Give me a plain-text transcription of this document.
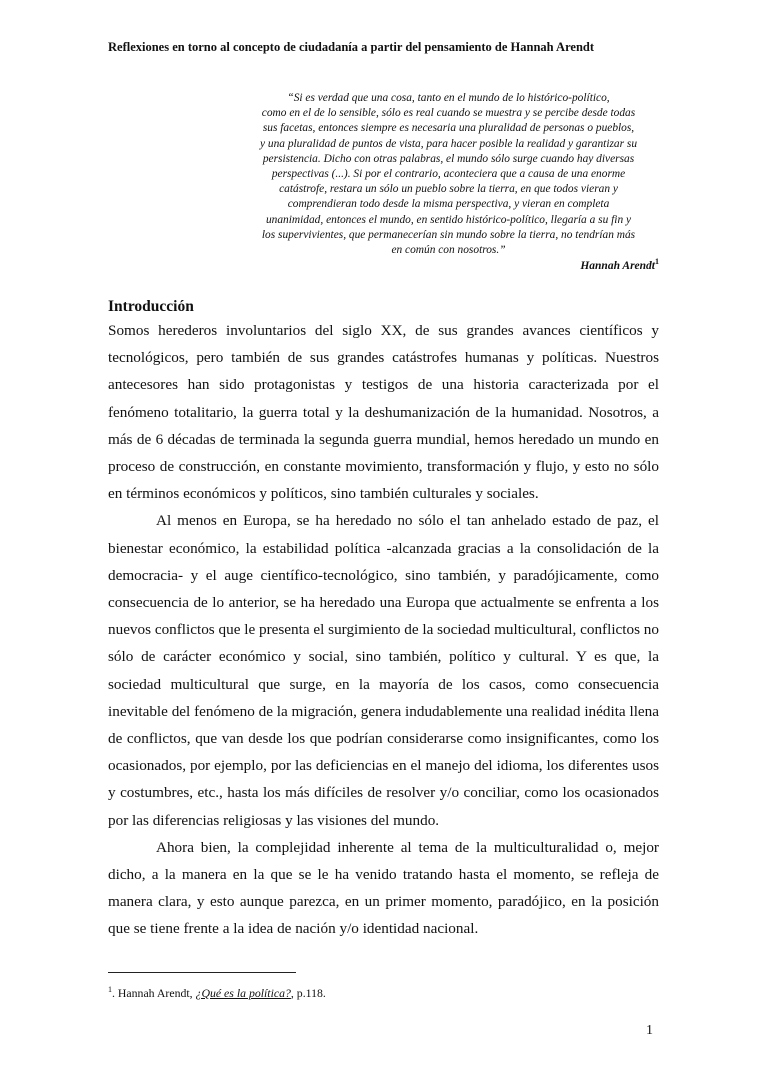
Reflexiones en torno al concepto de ciudadanía a partir del pensamiento de Hannah Arendt
“Si es verdad que una cosa, tanto en el mundo de lo histórico-político,
como en el de lo sensible, sólo es real cuando se muestra y se percibe desde todas
sus facetas, entonces siempre es necesaria una pluralidad de personas o pueblos,
y una pluralidad de puntos de vista, para hacer posible la realidad y garantizar su
persistencia. Dicho con otras palabras, el mundo sólo surge cuando hay diversas
perspectivas (...). Si por el contrario, aconteciera que a causa de una enorme
catástrofe, restara un sólo un pueblo sobre la tierra, en que todos vieran y
comprendieran todo desde la misma perspectiva, y vieran en completa
unanimidad, entonces el mundo, en sentido histórico-político, llegaría a su fin y
los supervivientes, que permanecerían sin mundo sobre la tierra, no tendrían más
en común con nosotros.”
Hannah Arendt$^1$
Introducción

Somos herederos involuntarios del siglo XX, de sus grandes avances científicos y tecnológicos, pero también de sus grandes catástrofes humanas y políticas. Nuestros antecesores han sido protagonistas y testigos de una historia caracterizada por el fenómeno totalitario, la guerra total y la deshumanización de la humanidad. Nosotros, a más de 6 décadas de terminada la segunda guerra mundial, hemos heredado un mundo en proceso de construcción, en constante movimiento, transformación y flujo, y esto no sólo en términos económicos y políticos, sino también culturales y sociales.

Al menos en Europa, se ha heredado no sólo el tan anhelado estado de paz, el bienestar económico, la estabilidad política -alcanzada gracias a la consolidación de la democracia- y el auge científico-tecnológico, sino también, y paradójicamente, como consecuencia de lo anterior, se ha heredado una Europa que actualmente se enfrenta a los nuevos conflictos que le presenta el surgimiento de la sociedad multicultural, conflictos no sólo de carácter económico y social, sino también, político y cultural. Y es que, la sociedad multicultural que surge, en la mayoría de los casos, como consecuencia inevitable del fenómeno de la migración, genera indudablemente una realidad inédita llena de conflictos, que van desde los que podrían considerarse como insignificantes, como los ocasionados, por ejemplo, por las deficiencias en el manejo del idioma, los diferentes usos y costumbres, etc., hasta los más difíciles de resolver y/o conciliar, como los ocasionados por las diferencias religiosas y las visiones del mundo.

Ahora bien, la complejidad inherente al tema de la multiculturalidad o, mejor dicho, a la manera en la que se le ha venido tratando hasta el momento, se refleja de manera clara, y esto aunque parezca, en un primer momento, paradójico, en la posición que se tiene frente a la idea de nación y/o identidad nacional.

$^1$. Hannah Arendt, ¿Qué es la política?, p.118.
1
